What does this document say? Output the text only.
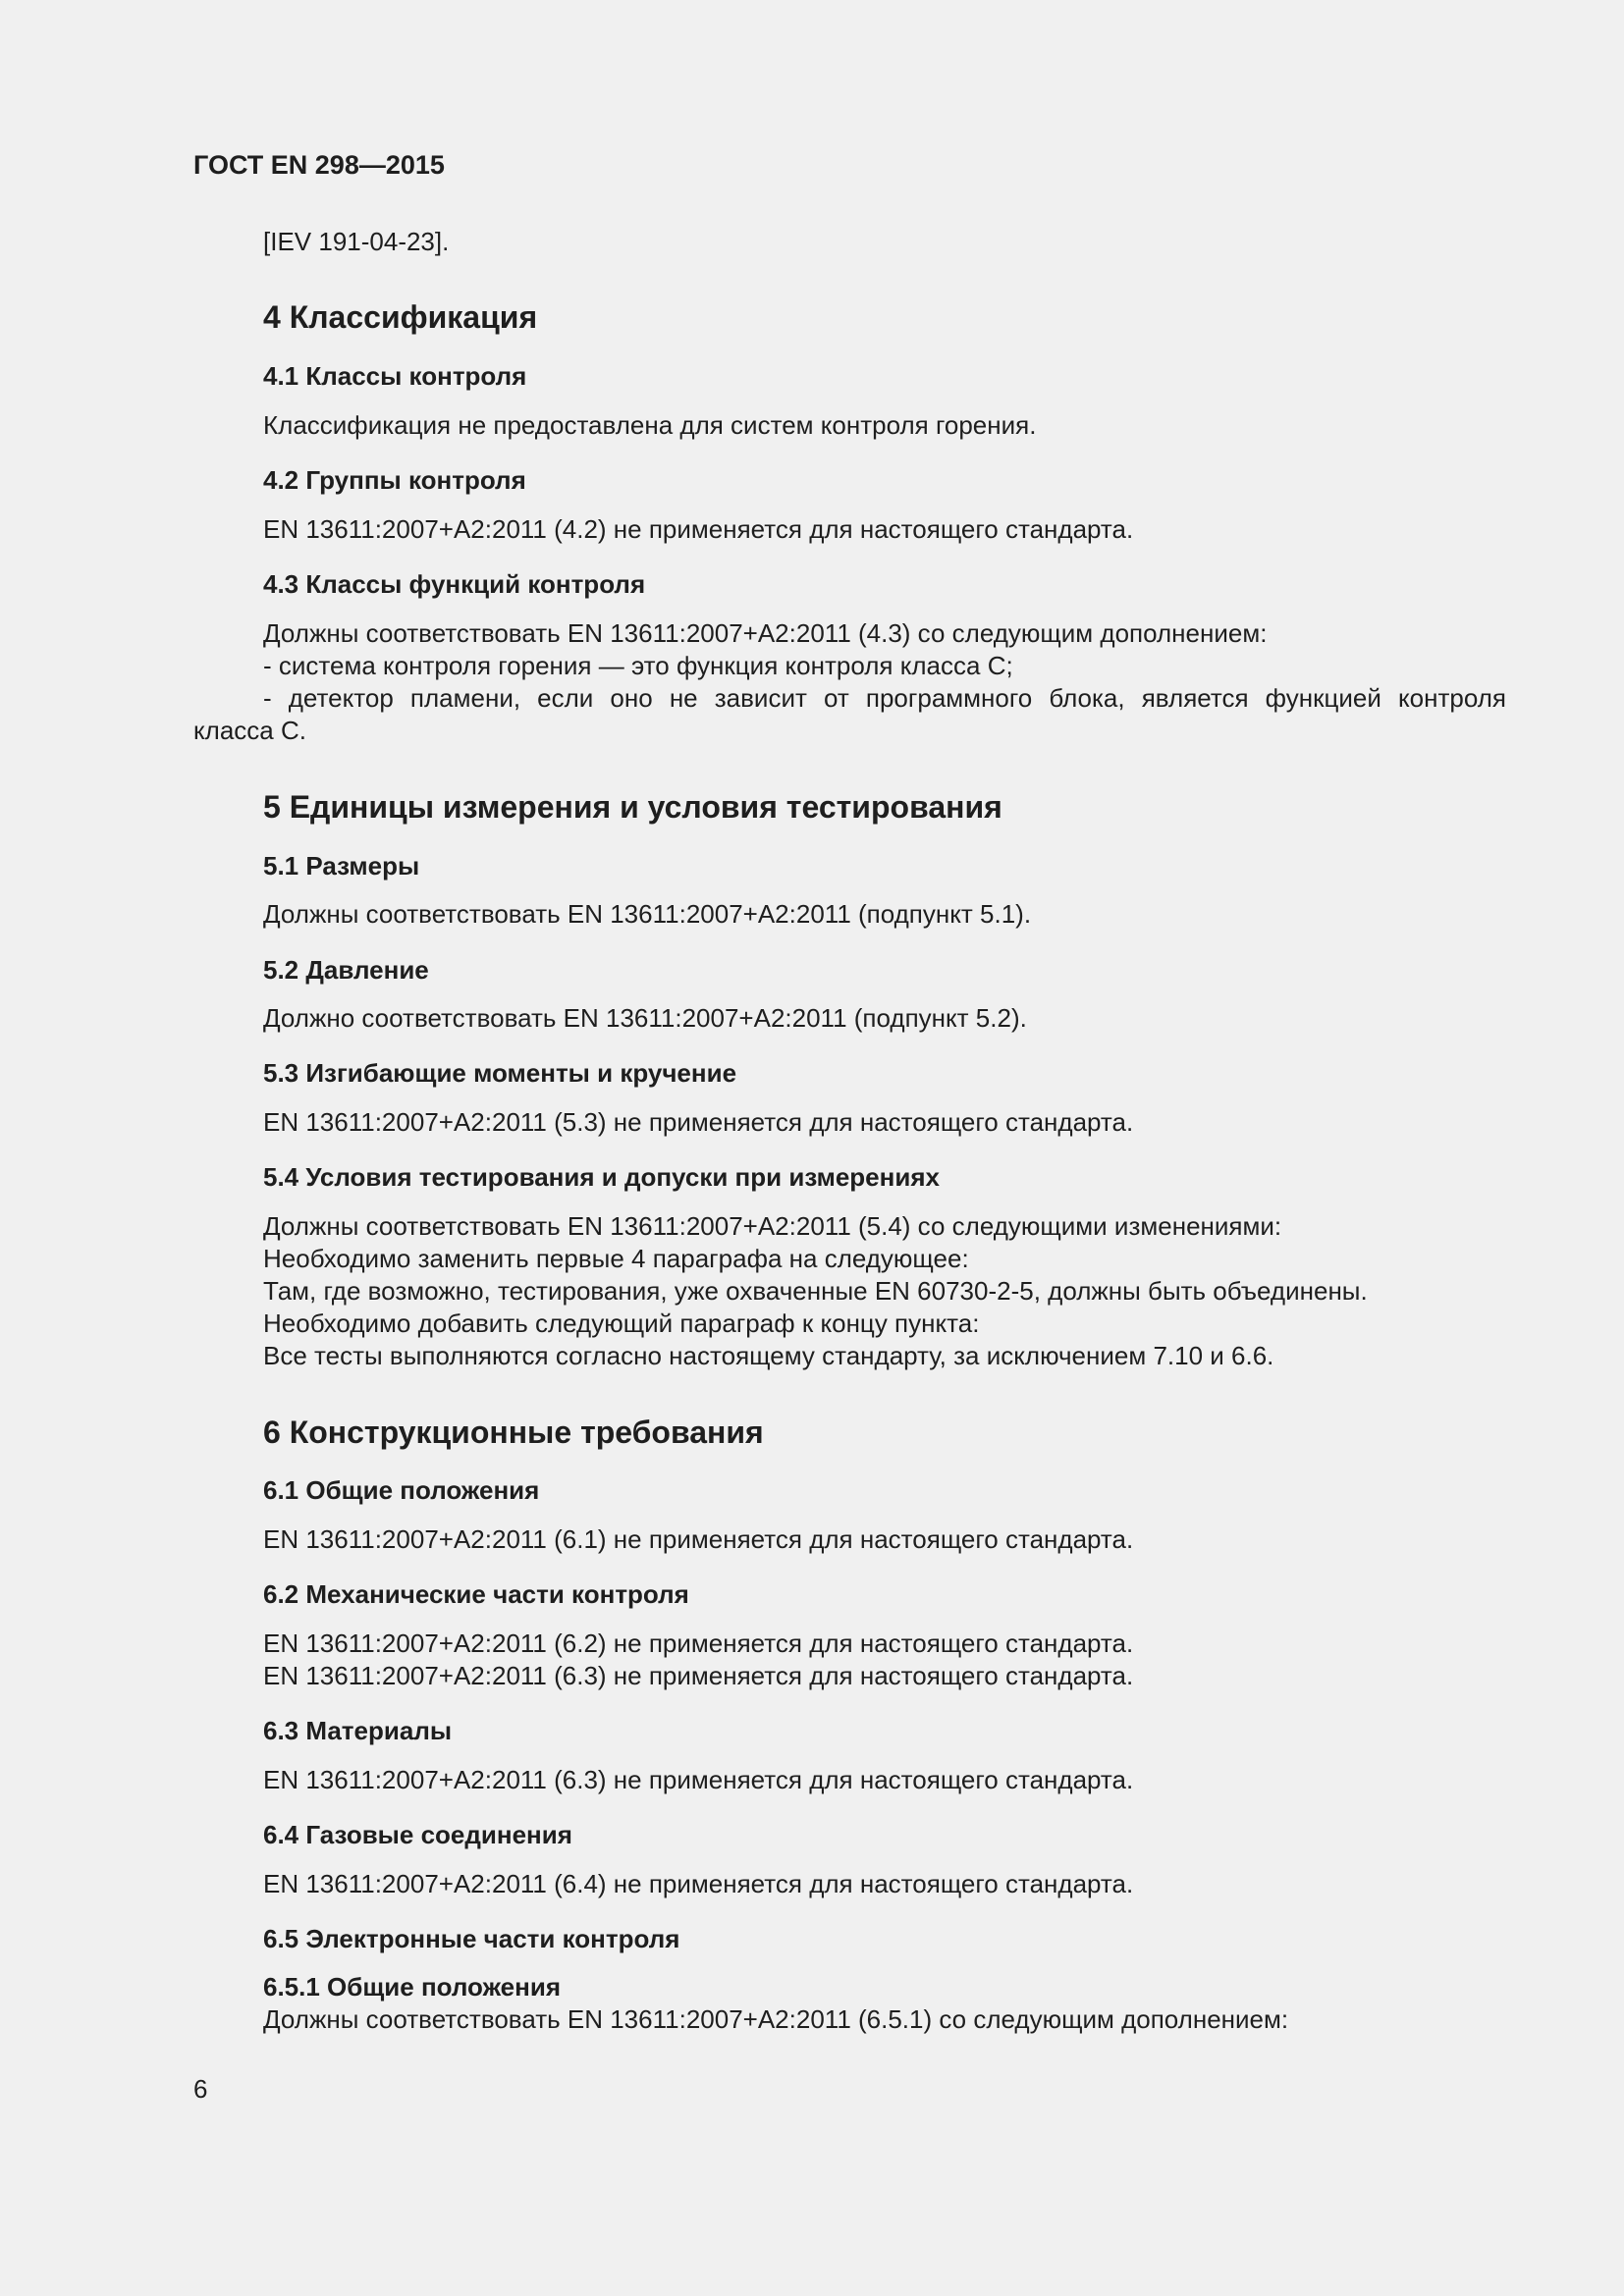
ГОСТ EN 298—2015
[IEV 191-04-23].
4 Классификация
4.1 Классы контроля
Классификация не предоставлена для систем контроля горения.
4.2 Группы контроля
EN 13611:2007+A2:2011 (4.2) не применяется для настоящего стандарта.
4.3 Классы функций контроля
Должны соответствовать EN 13611:2007+A2:2011 (4.3) со следующим дополнением:
- система контроля горения — это функция контроля класса С;
- детектор пламени, если оно не зависит от программного блока, является функцией контроля
класса С.
5 Единицы измерения и условия тестирования
5.1 Размеры
Должны соответствовать EN 13611:2007+A2:2011 (подпункт 5.1).
5.2 Давление
Должно соответствовать EN 13611:2007+A2:2011 (подпункт 5.2).
5.3 Изгибающие моменты и кручение
EN 13611:2007+A2:2011 (5.3) не применяется для настоящего стандарта.
5.4 Условия тестирования и допуски при измерениях
Должны соответствовать EN 13611:2007+A2:2011 (5.4) со следующими изменениями:
Необходимо заменить первые 4 параграфа на следующее:
Там, где возможно, тестирования, уже охваченные EN 60730-2-5, должны быть объединены.
Необходимо добавить следующий параграф к концу пункта:
Все тесты выполняются согласно настоящему стандарту, за исключением 7.10 и 6.6.
6 Конструкционные требования
6.1 Общие положения
EN 13611:2007+A2:2011 (6.1) не применяется для настоящего стандарта.
6.2 Механические части контроля
EN 13611:2007+A2:2011 (6.2) не применяется для настоящего стандарта.
EN 13611:2007+A2:2011 (6.3) не применяется для настоящего стандарта.
6.3 Материалы
EN 13611:2007+A2:2011 (6.3) не применяется для настоящего стандарта.
6.4 Газовые соединения
EN 13611:2007+A2:2011 (6.4) не применяется для настоящего стандарта.
6.5 Электронные части контроля
6.5.1 Общие положения
Должны соответствовать EN 13611:2007+A2:2011 (6.5.1) со следующим дополнением:
6
